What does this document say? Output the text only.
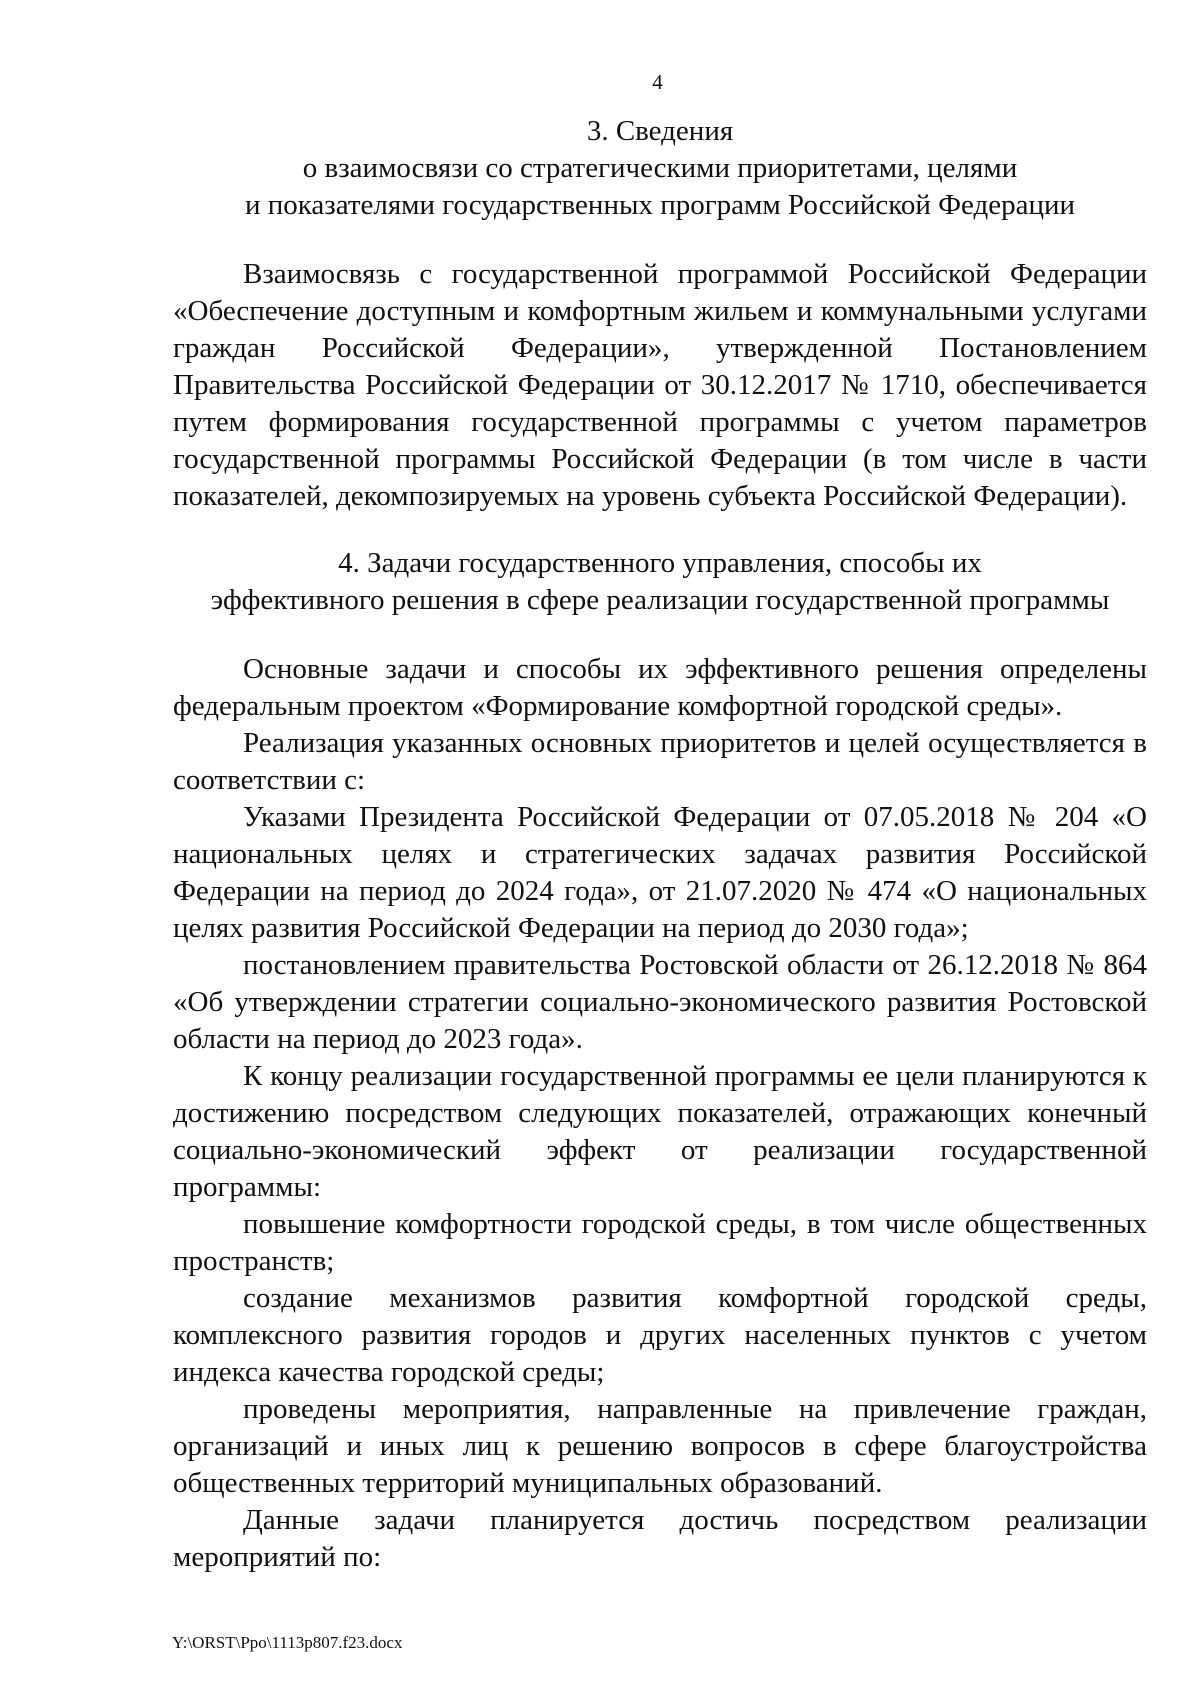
4
3. Сведения
о взаимосвязи со стратегическими приоритетами, целями
и показателями государственных программ Российской Федерации

Взаимосвязь с государственной программой Российской Федерации «Обеспечение доступным и комфортным жильем и коммунальными услугами граждан Российской Федерации», утвержденной Постановлением Правительства Российской Федерации от 30.12.2017 № 1710, обеспечивается путем формирования государственной программы с учетом параметров государственной программы Российской Федерации (в том числе в части показателей, декомпозируемых на уровень субъекта Российской Федерации).

4. Задачи государственного управления, способы их
эффективного решения в сфере реализации государственной программы

Основные задачи и способы их эффективного решения определены федеральным проектом «Формирование комфортной городской среды».

Реализация указанных основных приоритетов и целей осуществляется в соответствии с:

Указами Президента Российской Федерации от 07.05.2018 № 204 «О национальных целях и стратегических задачах развития Российской Федерации на период до 2024 года», от 21.07.2020 № 474 «О национальных целях развития Российской Федерации на период до 2030 года»;

постановлением правительства Ростовской области от 26.12.2018 № 864 «Об утверждении стратегии социально-экономического развития Ростовской области на период до 2023 года».

К концу реализации государственной программы ее цели планируются к достижению посредством следующих показателей, отражающих конечный социально-экономический эффект от реализации государственной программы:

повышение комфортности городской среды, в том числе общественных пространств;

создание механизмов развития комфортной городской среды, комплексного развития городов и других населенных пунктов с учетом индекса качества городской среды;

проведены мероприятия, направленные на привлечение граждан, организаций и иных лиц к решению вопросов в сфере благоустройства общественных территорий муниципальных образований.

Данные задачи планируется достичь посредством реализации мероприятий по:

Y:\ORST\Ppo\1113p807.f23.docx
